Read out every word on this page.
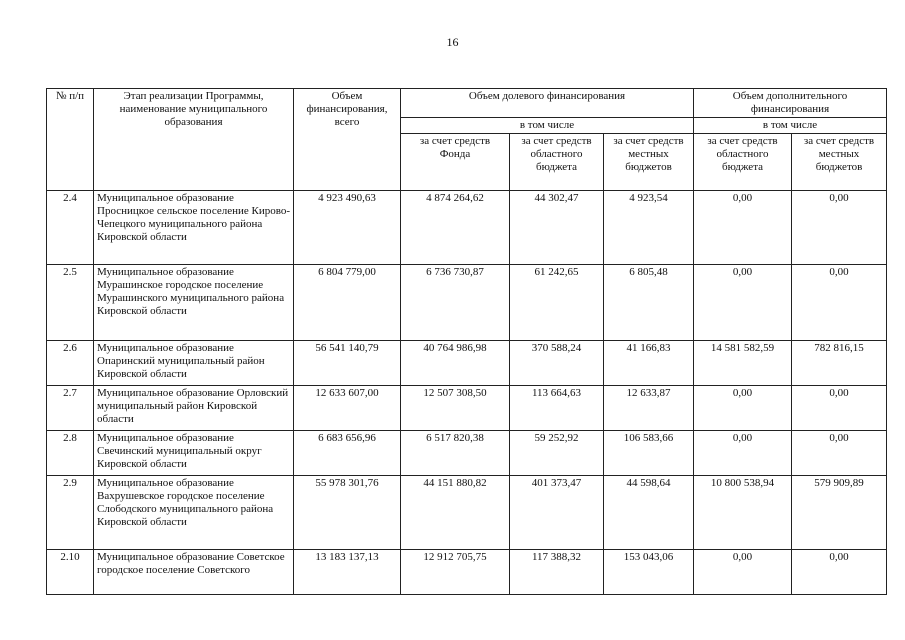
16
№ п/п	Этап реализации Программы, наименование муниципального образования	Объем финансирования, всего	Объем долевого финансирования			Объем дополнительного финансирования	
			в том числе			в том числе	
			за счет средств Фонда	за счет средств областного бюджета	за счет средств местных бюджетов	за счет средств областного бюджета	за счет средств местных бюджетов
2.4	Муниципальное образование Просницкое сельское поселение Кирово-Чепецкого муниципального района Кировской области	4 923 490,63	4 874 264,62	44 302,47	4 923,54	0,00	0,00
2.5	Муниципальное образование Мурашинское городское поселение Мурашинского муниципального района Кировской области	6 804 779,00	6 736 730,87	61 242,65	6 805,48	0,00	0,00
2.6	Муниципальное образование Опаринский муниципальный район Кировской области	56 541 140,79	40 764 986,98	370 588,24	41 166,83	14 581 582,59	782 816,15
2.7	Муниципальное образование Орловский муниципальный район Кировской области	12 633 607,00	12 507 308,50	113 664,63	12 633,87	0,00	0,00
2.8	Муниципальное образование Свечинский муниципальный округ Кировской области	6 683 656,96	6 517 820,38	59 252,92	106 583,66	0,00	0,00
2.9	Муниципальное образование Вахрушевское городское поселение Слободского муниципального района Кировской области	55 978 301,76	44 151 880,82	401 373,47	44 598,64	10 800 538,94	579 909,89
2.10	Муниципальное образование Советское городское поселение Советского	13 183 137,13	12 912 705,75	117 388,32	153 043,06	0,00	0,00
